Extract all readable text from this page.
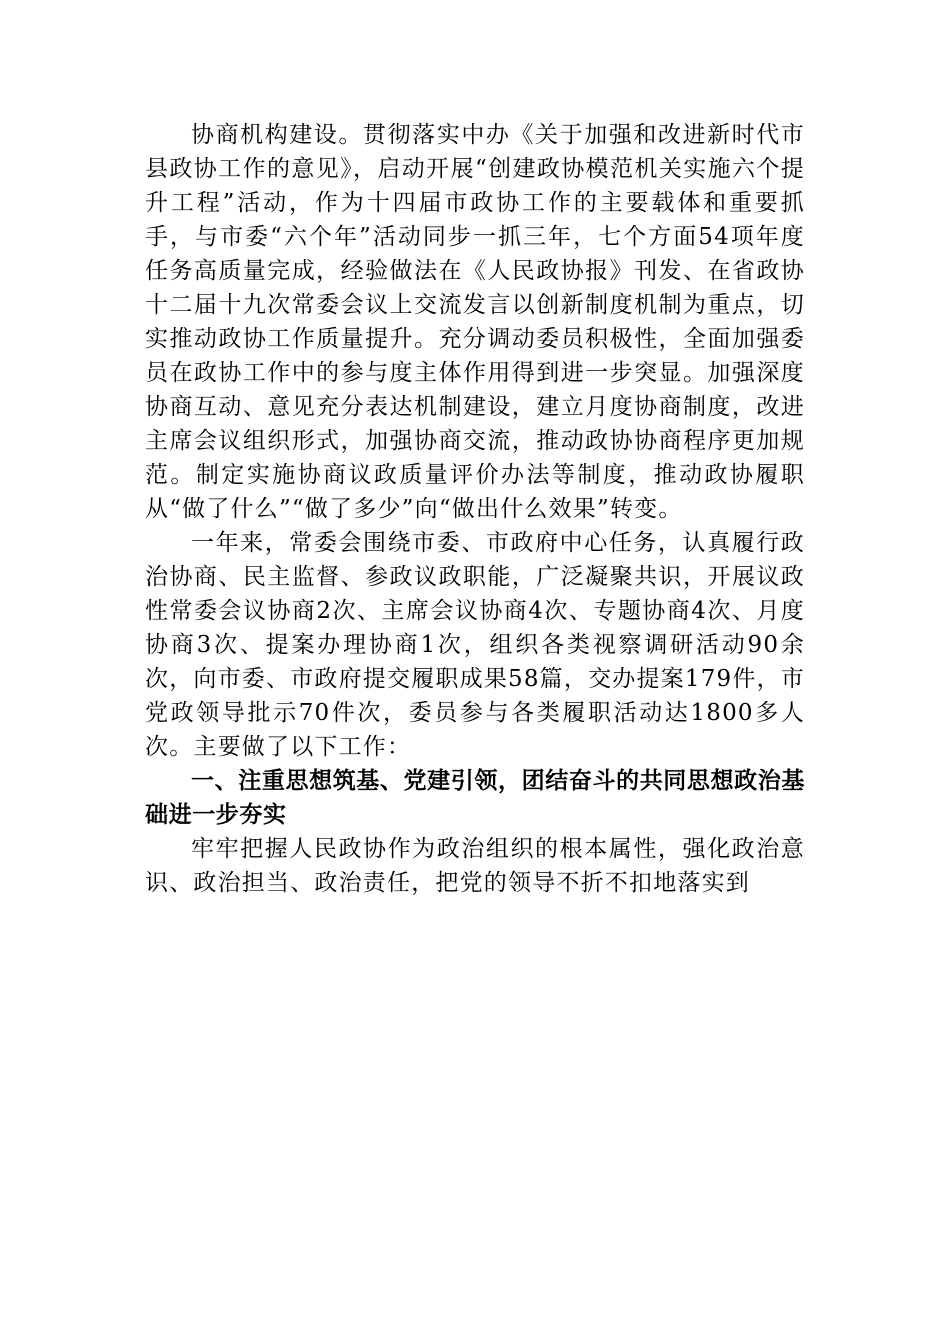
协商机构建设。贯彻落实中办《关于加强和改进新时代市县政协工作的意见》，启动开展“创建政协模范机关实施六个提升工程”活动，作为十四届市政协工作的主要载体和重要抓手，与市委“六个年”活动同步一抓三年，七个方面54项年度任务高质量完成，经验做法在《人民政协报》刊发、在省政协十二届十九次常委会议上交流发言以创新制度机制为重点，切实推动政协工作质量提升。充分调动委员积极性，全面加强委员在政协工作中的参与度主体作用得到进一步突显。加强深度协商互动、意见充分表达机制建设，建立月度协商制度，改进主席会议组织形式，加强协商交流，推动政协协商程序更加规范。制定实施协商议政质量评价办法等制度，推动政协履职从“做了什么”“做了多少”向“做出什么效果”转变。

一年来，常委会围绕市委、市政府中心任务，认真履行政治协商、民主监督、参政议政职能，广泛凝聚共识，开展议政性常委会议协商2次、主席会议协商4次、专题协商4次、月度协商3次、提案办理协商1次，组织各类视察调研活动90余次，向市委、市政府提交履职成果58篇，交办提案179件，市党政领导批示70件次，委员参与各类履职活动达1800多人次。主要做了以下工作：

一、注重思想筑基、党建引领，团结奋斗的共同思想政治基础进一步夯实

牢牢把握人民政协作为政治组织的根本属性，强化政治意识、政治担当、政治责任，把党的领导不折不扣地落实到
